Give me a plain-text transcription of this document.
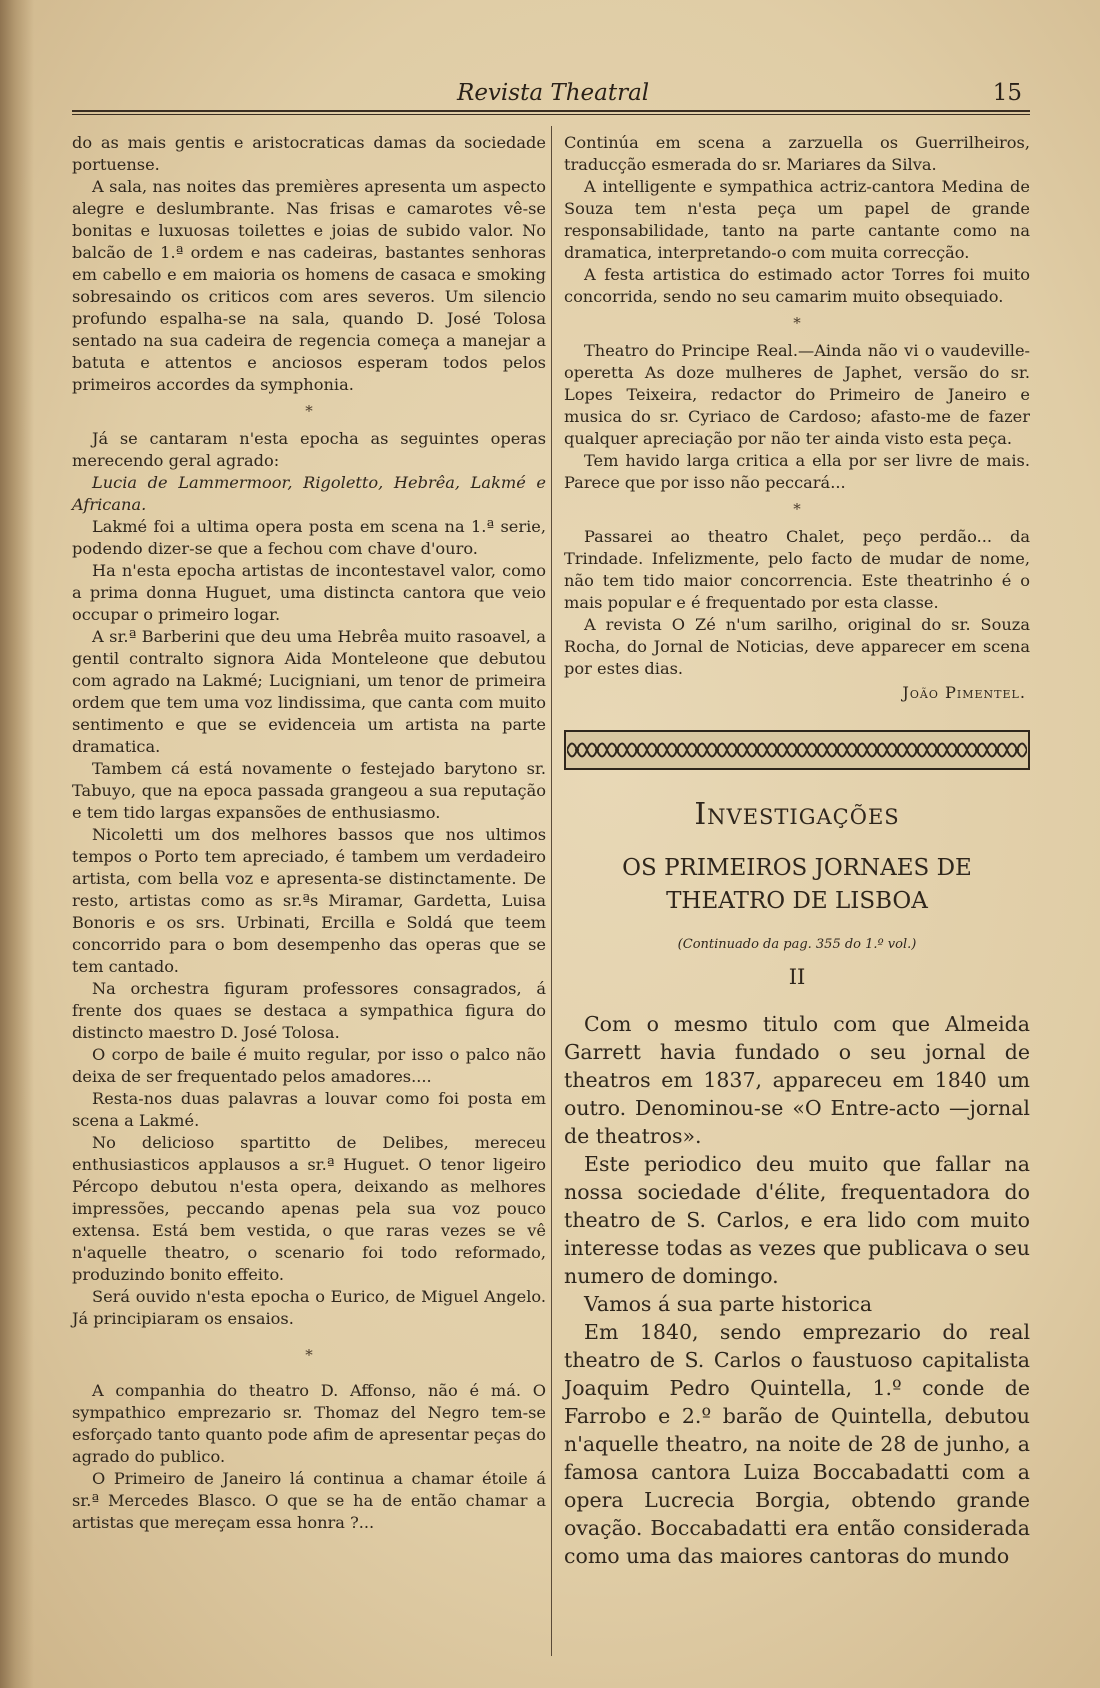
Revista Theatral	15

do as mais gentis e aristocraticas damas da sociedade portuense.

A sala, nas noites das premières apresenta um aspecto alegre e deslumbrante. Nas frisas e camarotes vê-se bonitas e luxuosas toilettes e joias de subido valor. No balcão de 1.ª ordem e nas cadeiras, bastantes senhoras em cabello e em maioria os homens de casaca e smoking sobresaindo os criticos com ares severos. Um silencio profundo espalha-se na sala, quando D. José Tolosa sentado na sua cadeira de regencia começa a manejar a batuta e attentos e anciosos esperam todos pelos primeiros accordes da symphonia.

*

Já se cantaram n'esta epocha as seguintes operas merecendo geral agrado:

Lucia de Lammermoor, Rigoletto, Hebrêa, Lakmé e Africana.

Lakmé foi a ultima opera posta em scena na 1.ª serie, podendo dizer-se que a fechou com chave d'ouro.

Ha n'esta epocha artistas de incontestavel valor, como a prima donna Huguet, uma distincta cantora que veio occupar o primeiro logar.

A sr.ª Barberini que deu uma Hebrêa muito rasoavel, a gentil contralto signora Aida Monteleone que debutou com agrado na Lakmé; Lucigniani, um tenor de primeira ordem que tem uma voz lindissima, que canta com muito sentimento e que se evidenceia um artista na parte dramatica.

Tambem cá está novamente o festejado barytono sr. Tabuyo, que na epoca passada grangeou a sua reputação e tem tido largas expansões de enthusiasmo.

Nicoletti um dos melhores bassos que nos ultimos tempos o Porto tem apreciado, é tambem um verdadeiro artista, com bella voz e apresenta-se distinctamente. De resto, artistas como as sr.ªs Miramar, Gardetta, Luisa Bonoris e os srs. Urbinati, Ercilla e Soldá que teem concorrido para o bom desempenho das operas que se tem cantado.

Na orchestra figuram professores consagrados, á frente dos quaes se destaca a sympathica figura do distincto maestro D. José Tolosa.

O corpo de baile é muito regular, por isso o palco não deixa de ser frequentado pelos amadores....

Resta-nos duas palavras a louvar como foi posta em scena a Lakmé.

No delicioso spartitto de Delibes, mereceu enthusiasticos applausos a sr.ª Huguet. O tenor ligeiro Pércopo debutou n'esta opera, deixando as melhores impressões, peccando apenas pela sua voz pouco extensa. Está bem vestida, o que raras vezes se vê n'aquelle theatro, o scenario foi todo reformado, produzindo bonito effeito.

Será ouvido n'esta epocha o Eurico, de Miguel Angelo. Já principiaram os ensaios.

*

A companhia do theatro D. Affonso, não é má. O sympathico emprezario sr. Thomaz del Negro tem-se esforçado tanto quanto pode afim de apresentar peças do agrado do publico.

O Primeiro de Janeiro lá continua a chamar étoile á sr.ª Mercedes Blasco. O que se ha de então chamar a artistas que mereçam essa honra ?...

Continúa em scena a zarzuella os Guerrilheiros, traducção esmerada do sr. Mariares da Silva.

A intelligente e sympathica actriz-cantora Medina de Souza tem n'esta peça um papel de grande responsabilidade, tanto na parte cantante como na dramatica, interpretando-o com muita correcção.

A festa artistica do estimado actor Torres foi muito concorrida, sendo no seu camarim muito obsequiado.

*

Theatro do Principe Real.—Ainda não vi o vaudeville-operetta As doze mulheres de Japhet, versão do sr. Lopes Teixeira, redactor do Primeiro de Janeiro e musica do sr. Cyriaco de Cardoso; afasto-me de fazer qualquer apreciação por não ter ainda visto esta peça.

Tem havido larga critica a ella por ser livre de mais. Parece que por isso não peccará...

*

Passarei ao theatro Chalet, peço perdão... da Trindade. Infelizmente, pelo facto de mudar de nome, não tem tido maior concorrencia. Este theatrinho é o mais popular e é frequentado por esta classe.

A revista O Zé n'um sarilho, original do sr. Souza Rocha, do Jornal de Noticias, deve apparecer em scena por estes dias.

João Pimentel.
Investigações
OS PRIMEIROS JORNAES DE THEATRO DE LISBOA
(Continuado da pag. 355 do 1.º vol.)
II

Com o mesmo titulo com que Almeida Garrett havia fundado o seu jornal de theatros em 1837, appareceu em 1840 um outro. Denominou-se «O Entre-acto —jornal de theatros».

Este periodico deu muito que fallar na nossa sociedade d'élite, frequentadora do theatro de S. Carlos, e era lido com muito interesse todas as vezes que publicava o seu numero de domingo.

Vamos á sua parte historica

Em 1840, sendo emprezario do real theatro de S. Carlos o faustuoso capitalista Joaquim Pedro Quintella, 1.º conde de Farrobo e 2.º barão de Quintella, debutou n'aquelle theatro, na noite de 28 de junho, a famosa cantora Luiza Boccabadatti com a opera Lucrecia Borgia, obtendo grande ovação. Boccabadatti era então considerada como uma das maiores cantoras do mundo
